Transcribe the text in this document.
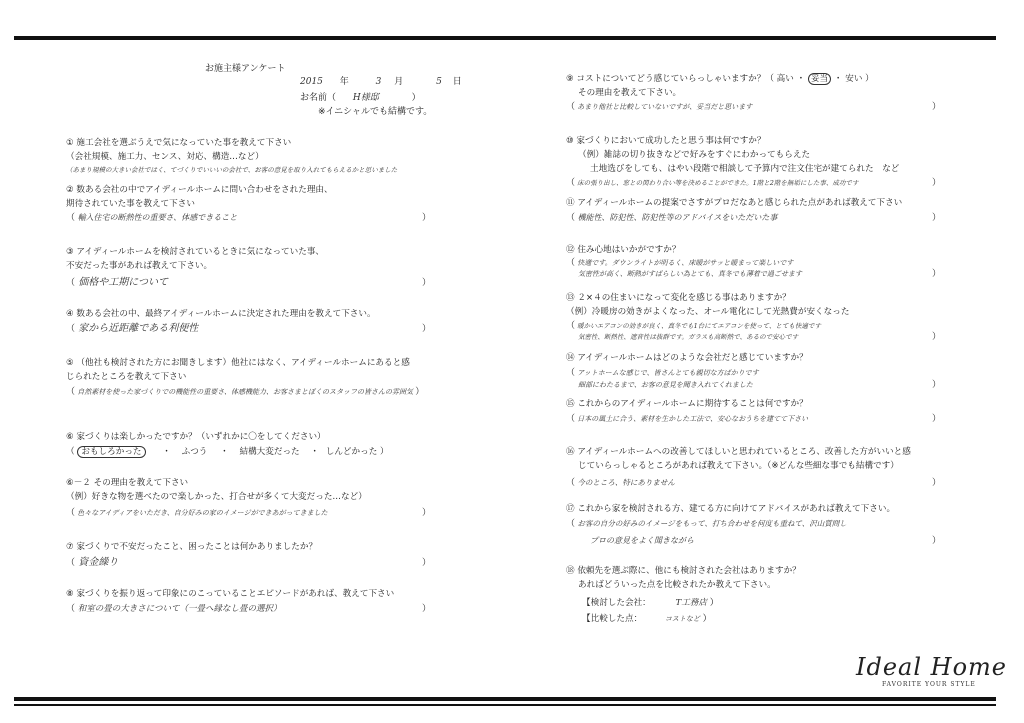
お施主様アンケート
2015 年	3 月	5 日
お名前（ H様邸	）
※イニシャルでも結構です。
① 施工会社を選ぶうえで気になっていた事を教えて下さい
（会社規模、施工力、センス、対応、構造…など）
（あまり規模の大きい会社ではく、てづくりでいいいの会社で、お客の意見を取り入れてもらえるかと思いました
② 数ある会社の中でアイディールホームに問い合わせをされた理由、
期待されていた事を教えて下さい
（ 輸入住宅の断熱性の重要さ、体感できること	）
③ アイディールホームを検討されているときに気になっていた事、
不安だった事があれば教えて下さい。
（ 価格や工期について	）
④ 数ある会社の中、最終アイディールホームに決定された理由を教えて下さい。
（ 家から近距離である利便性	）
⑤ （他社も検討された方にお聞きします）他社にはなく、アイディールホームにあると感
じられたところを教えて下さい
（ 自然素材を使った家づくりでの機能性の重要さ、体感機能力、お客さまとぼくのスタッフの皆さんの雰囲気 ）
⑥ 家づくりは楽しかったですか？（いずれかに〇をしてください）
（ おもしろかった ・ ふつう ・ 結構大変だった ・ しんどかった ）
⑥－２ その理由を教えて下さい
（例）好きな物を選べたので楽しかった、打合せが多くて大変だった…など）
（ 色々なアイディアをいただき、自分好みの家のイメージができあがってきました	）
⑦ 家づくりで不安だったこと、困ったことは何かありましたか？
（ 資金繰り	）
⑧ 家づくりを振り返って印象にのこっていることエピソードがあれば、教えて下さい
（ 和室の畳の大きさについて（一畳へ縁なし畳の選択）	）
⑨ コストについてどう感じていらっしゃいますか？（ 高い ・ 妥当 ・ 安い ）
その理由を教えて下さい。
（ あまり他社と比較していないですが、妥当だと思います	）
⑩ 家づくりにおいて成功したと思う事は何ですか？
（例）雑誌の切り抜きなどで好みをすぐにわかってもらえた
土地选びをしても、はやい段階で相談して予算内で注文住宅が建てられた　など
（ 床の張り出し、窓との関わり合い等を決めることができた。1階と2階を無垢にした事、成功です	）
⑪ アイディールホームの提案でさすがプロだなあと感じられた点があれば教えて下さい
（ 機能性、防犯性、防犯性等のアドバイスをいただいた事	）
⑫ 住み心地はいかがですか？
（ 快適です。ダウンライトが明るく、床暖がサッと暖まって楽しいです
気密性が高く、断熱がすばらしい為とても、真冬でも薄着で過ごせます	）
⑬ ２×４の住まいになって変化を感じる事はありますか？
（例）冷暖房の効きがよくなった、オール電化にして光熱費が安くなった
（ 暖かいエアコンの効きが良く、真冬でも1台にてエアコンを使って、とても快適です
気密性、断熱性、遮音性は抜群です。ガラスも高断熱で、あるので安心です	）
⑭ アイディールホームはどのような会社だと感じていますか？
（ アットホームな感じで、皆さんとても親切な方ばかりです
細部にわたるまで、お客の意見を聞き入れてくれました	）
⑮ これからのアイディールホームに期待することは何ですか？
（ 日本の風土に合う、素材を生かした工法で、安心なおうちを建てて下さい	）
⑯ アイディールホームへの改善してほしいと思われているところ、改善した方がいいと感
じていらっしゃるところがあれば教えて下さい。（※どんな些細な事でも結構です）
（ 今のところ、特にありません	）
⑰ これから家を検討される方、建てる方に向けてアドバイスがあれば教えて下さい。
（ お客の自分の好みのイメージをもって、打ち合わせを何度も重ねて、沢山質問し
プロの意見をよく聞きながら	）
⑱ 依頼先を選ぶ際に、他にも検討された会社はありますか？
あればどういった点を比較されたか教えて下さい。
【検討した会社：	T工務店 ）
【比較した点：	コストなど ）
Ideal Home
FAVORITE YOUR STYLE
